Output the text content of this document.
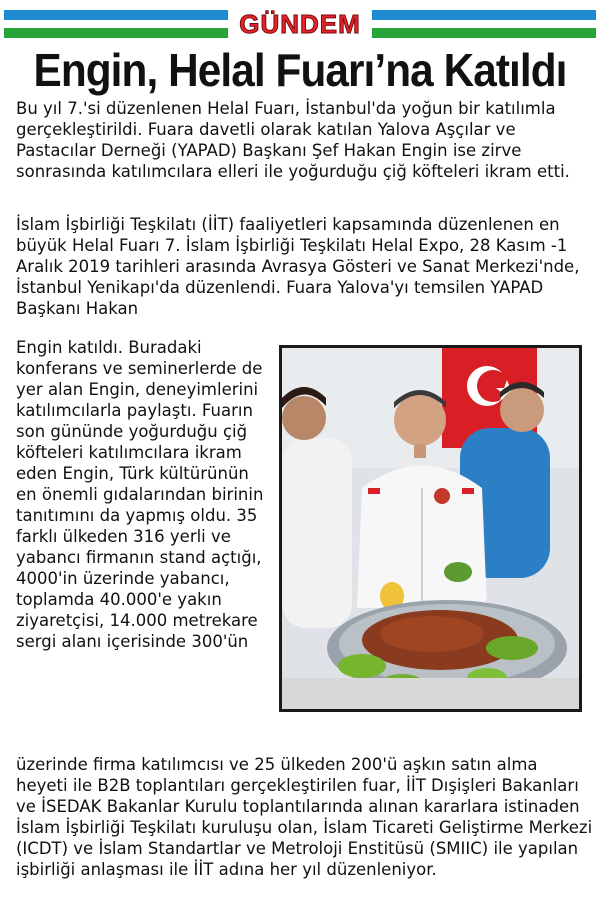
GÜNDEM
Engin, Helal Fuarı’na Katıldı

Bu yıl 7.'si düzenlenen Helal Fuarı, İstanbul'da yoğun bir katılımla gerçekleştirildi. Fuara davetli olarak katılan Yalova Aşçılar ve Pastacılar Derneği (YAPAD) Başkanı Şef Hakan Engin ise zirve sonrasında katılımcılara elleri ile yoğurduğu çiğ köfteleri ikram etti.

İslam İşbirliği Teşkilatı (İİT) faaliyetleri kapsamında düzenlenen en büyük Helal Fuarı 7. İslam İşbirliği Teşkilatı Helal Expo, 28 Kasım -1 Aralık 2019 tarihleri arasında Avrasya Gösteri ve Sanat Merkezi'nde, İstanbul Yenikapı'da düzenlendi. Fuara Yalova'yı temsilen YAPAD Başkanı Hakan

Engin katıldı. Buradaki konferans ve seminerlerde de yer alan Engin, deneyimlerini katılımcılarla paylaştı. Fuarın son gününde yoğurduğu çiğ köfteleri katılımcılara ikram eden Engin, Türk kültürünün en önemli gıdalarından birinin tanıtımını da yapmış oldu. 35 farklı ülkeden 316 yerli ve yabancı firmanın stand açtığı, 4000'in üzerinde yabancı, toplamda 40.000'e yakın ziyaretçisi, 14.000 metrekare sergi alanı içerisinde 300'ün

üzerinde firma katılımcısı ve 25 ülkeden 200'ü aşkın satın alma heyeti ile B2B toplantıları gerçekleştirilen fuar, İİT Dışişleri Bakanları ve İSEDAK Bakanlar Kurulu toplantılarında alınan kararlara istinaden İslam İşbirliği Teşkilatı kuruluşu olan, İslam Ticareti Geliştirme Merkezi (ICDT) ve İslam Standartlar ve Metroloji Enstitüsü (SMIIC) ile yapılan işbirliği anlaşması ile İİT adına her yıl düzenleniyor.
